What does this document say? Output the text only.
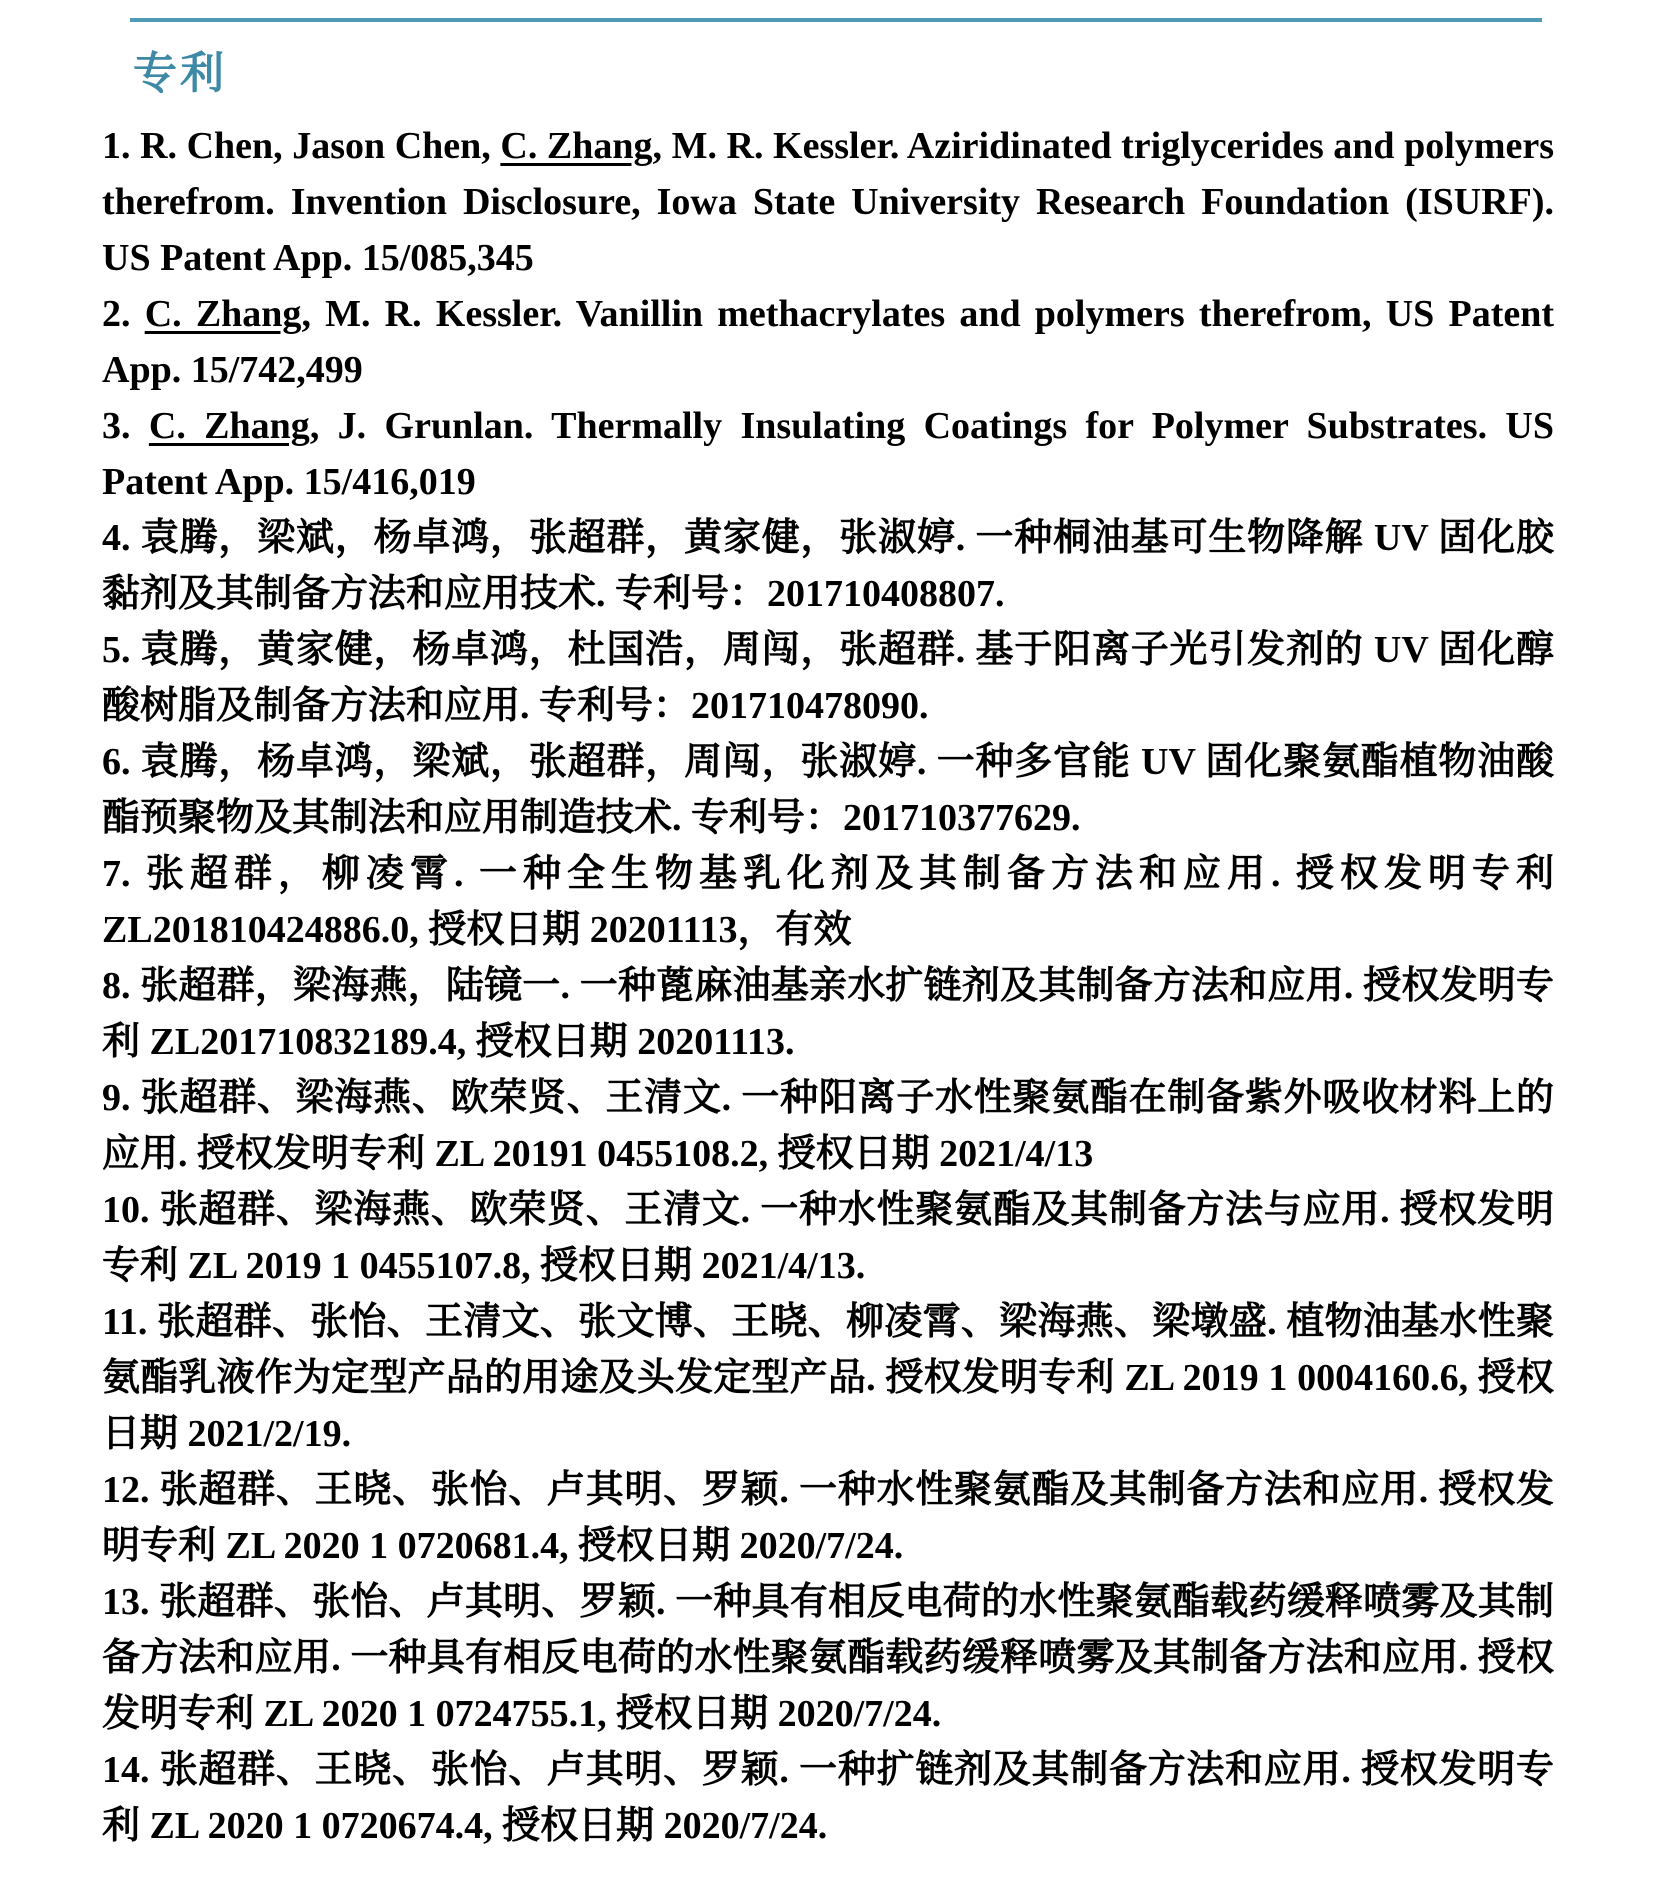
专利

1. R. Chen, Jason Chen, C. Zhang, M. R. Kessler. Aziridinated triglycerides and polymers therefrom. Invention Disclosure, Iowa State University Research Foundation (ISURF). US Patent App. 15/085,345

2. C. Zhang, M. R. Kessler. Vanillin methacrylates and polymers therefrom, US Patent App. 15/742,499

3. C. Zhang, J. Grunlan. Thermally Insulating Coatings for Polymer Substrates. US Patent App. 15/416,019

4. 袁腾，梁斌，杨卓鸿，张超群，黄家健，张淑婷. 一种桐油基可生物降解 UV 固化胶黏剂及其制备方法和应用技术. 专利号：201710408807.

5. 袁腾，黄家健，杨卓鸿，杜国浩，周闯，张超群. 基于阳离子光引发剂的 UV 固化醇酸树脂及制备方法和应用. 专利号：201710478090.

6. 袁腾，杨卓鸿，梁斌，张超群，周闯，张淑婷. 一种多官能 UV 固化聚氨酯植物油酸酯预聚物及其制法和应用制造技术. 专利号：201710377629.

7. 张超群，柳凌霄. 一种全生物基乳化剂及其制备方法和应用. 授权发明专利 ZL201810424886.0, 授权日期 20201113，有效

8. 张超群，梁海燕，陆镜一. 一种蓖麻油基亲水扩链剂及其制备方法和应用. 授权发明专利 ZL201710832189.4, 授权日期 20201113.

9. 张超群、梁海燕、欧荣贤、王清文. 一种阳离子水性聚氨酯在制备紫外吸收材料上的应用. 授权发明专利 ZL 20191 0455108.2, 授权日期 2021/4/13

10. 张超群、梁海燕、欧荣贤、王清文. 一种水性聚氨酯及其制备方法与应用. 授权发明专利 ZL 2019 1 0455107.8, 授权日期 2021/4/13.

11. 张超群、张怡、王清文、张文博、王晓、柳凌霄、梁海燕、梁墩盛. 植物油基水性聚氨酯乳液作为定型产品的用途及头发定型产品. 授权发明专利 ZL 2019 1 0004160.6, 授权日期 2021/2/19.

12. 张超群、王晓、张怡、卢其明、罗颖. 一种水性聚氨酯及其制备方法和应用. 授权发明专利 ZL 2020 1 0720681.4, 授权日期 2020/7/24.

13. 张超群、张怡、卢其明、罗颖. 一种具有相反电荷的水性聚氨酯载药缓释喷雾及其制备方法和应用. 一种具有相反电荷的水性聚氨酯载药缓释喷雾及其制备方法和应用. 授权发明专利 ZL 2020 1 0724755.1, 授权日期 2020/7/24.

14. 张超群、王晓、张怡、卢其明、罗颖. 一种扩链剂及其制备方法和应用. 授权发明专利 ZL 2020 1 0720674.4, 授权日期 2020/7/24.
